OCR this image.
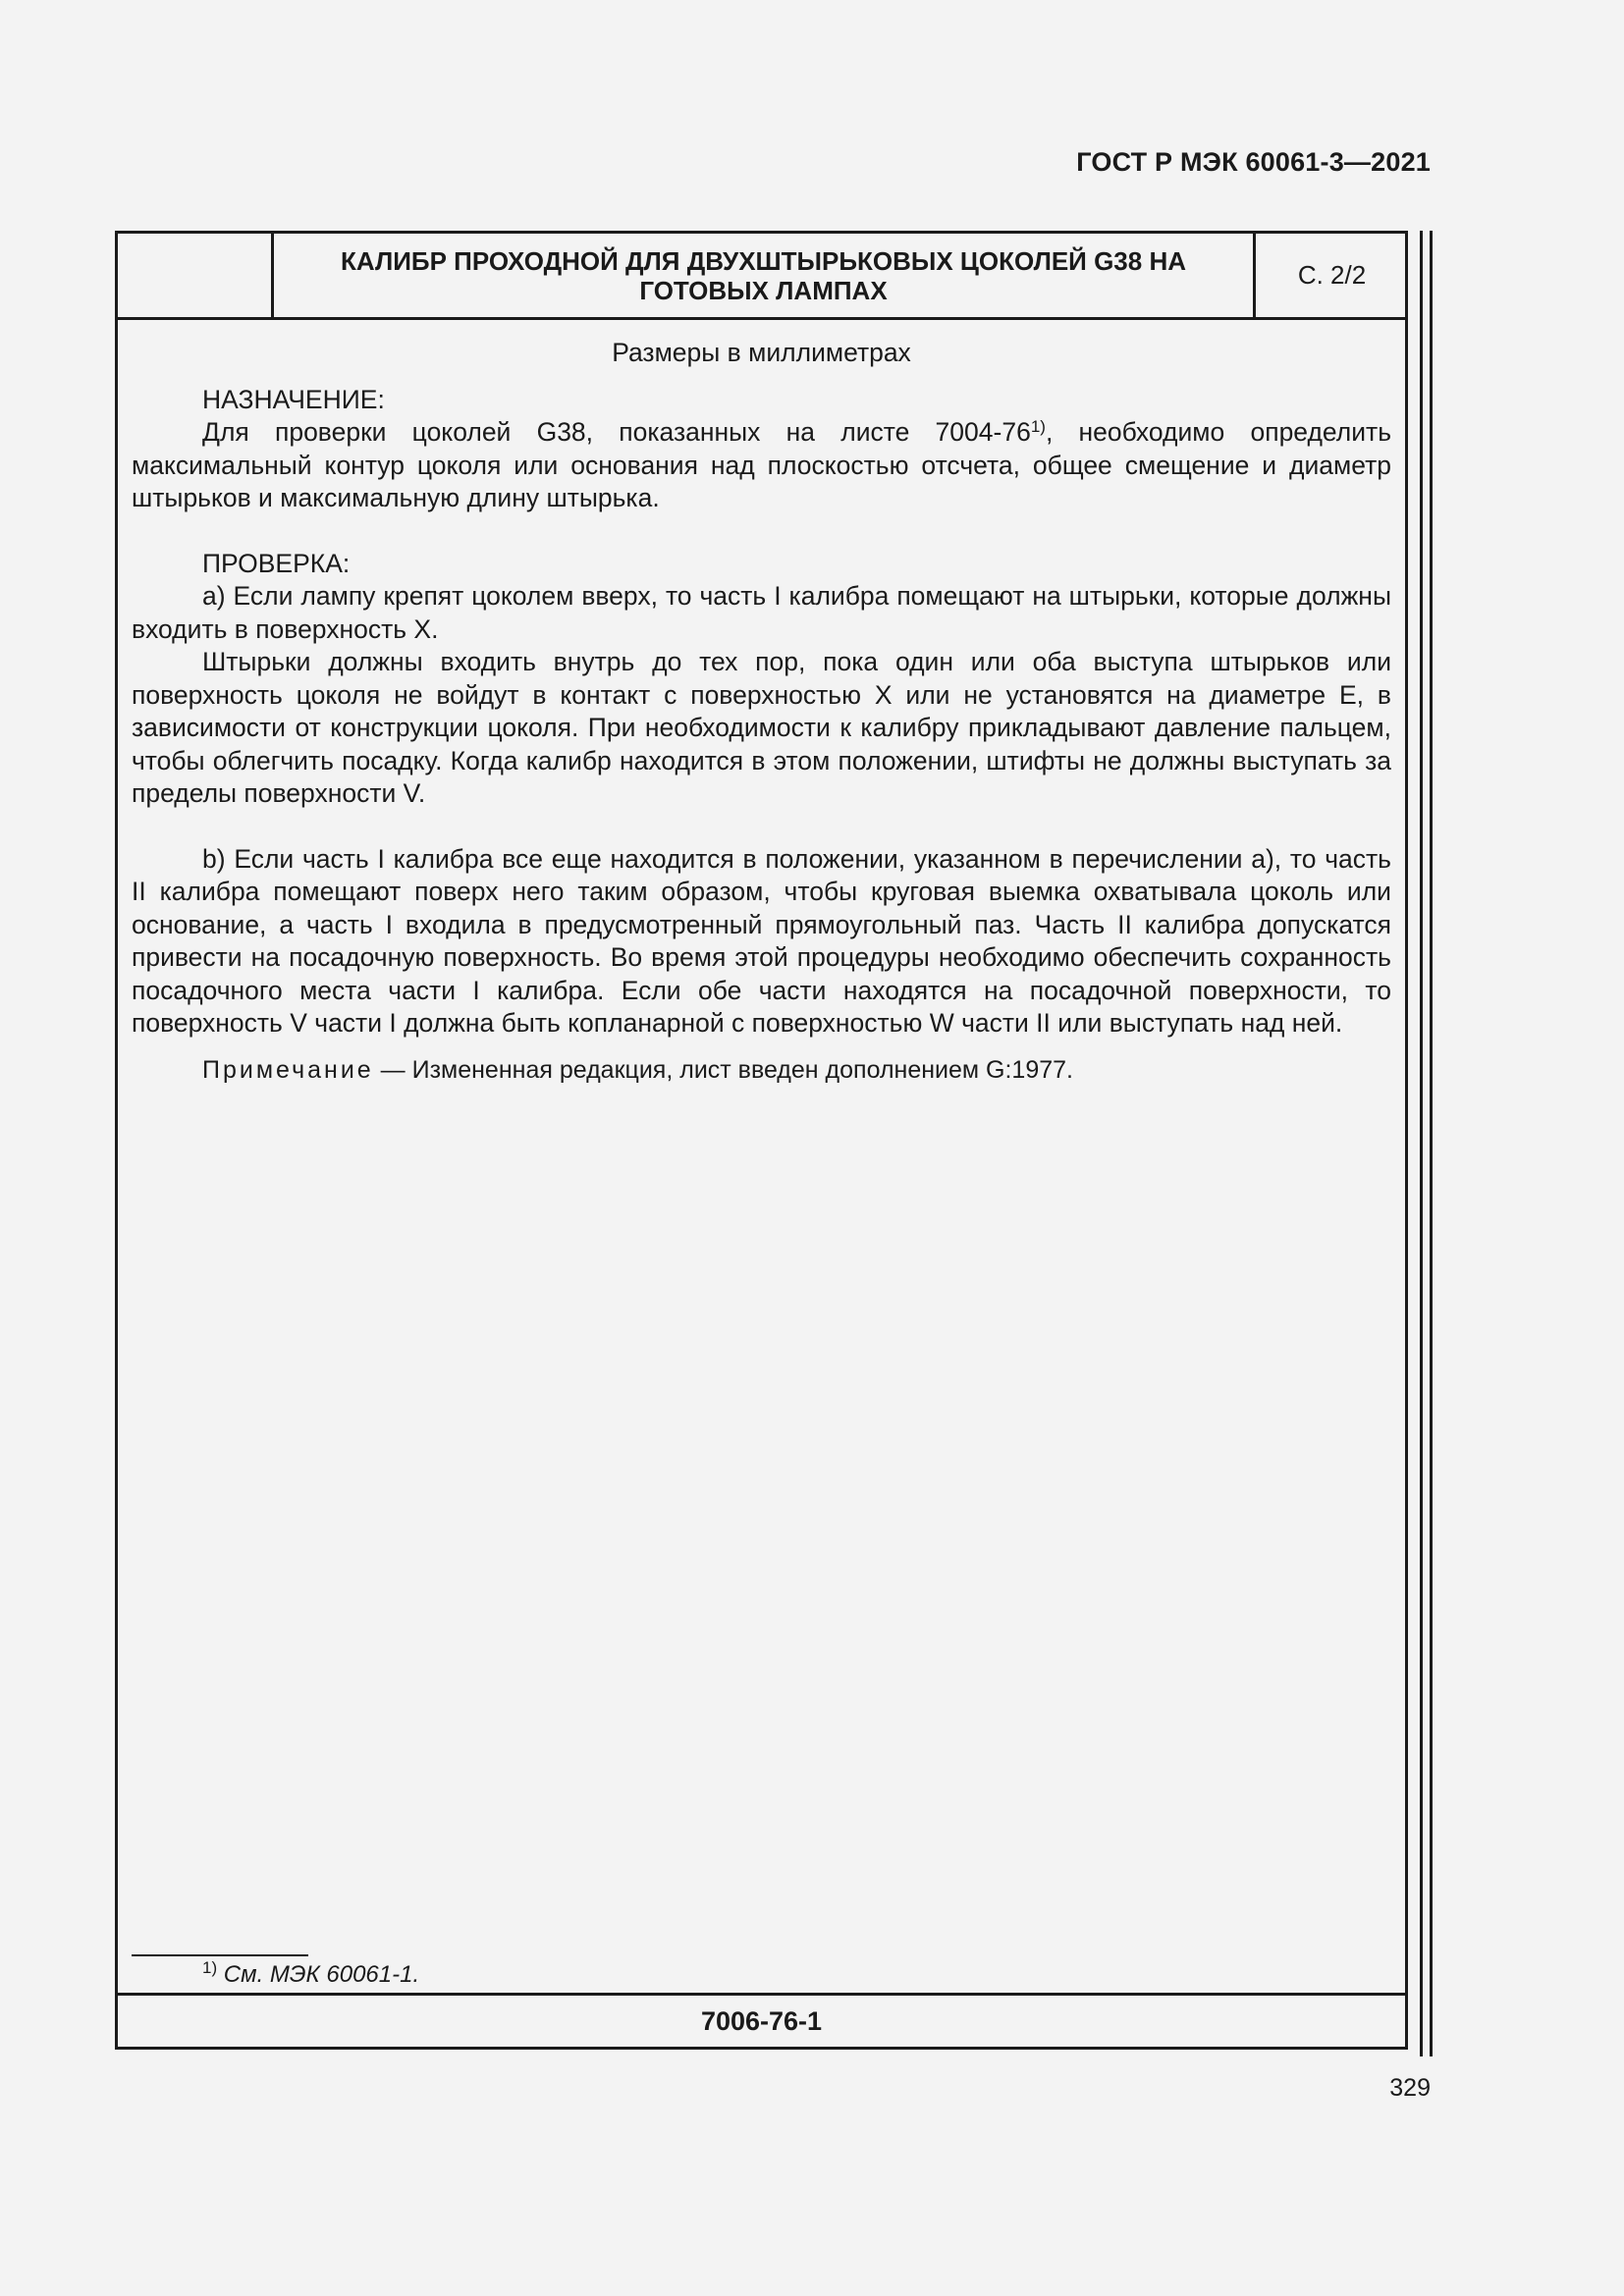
ГОСТ Р МЭК 60061-3—2021
КАЛИБР ПРОХОДНОЙ ДЛЯ ДВУХШТЫРЬКОВЫХ ЦОКОЛЕЙ G38 НА ГОТОВЫХ ЛАМПАХ
С. 2/2

Размеры в миллиметрах

НАЗНАЧЕНИЕ:

Для проверки цоколей G38, показанных на листе 7004-76$^{1)}$, необходимо определить максимальный контур цоколя или основания над плоскостью отсчета, общее смещение и диаметр штырьков и максимальную длину штырька.

ПРОВЕРКА:

a) Если лампу крепят цоколем вверх, то часть I калибра помещают на штырьки, которые должны входить в поверхность Х.

Штырьки должны входить внутрь до тех пор, пока один или оба выступа штырьков или поверхность цоколя не войдут в контакт с поверхностью Х или не установятся на диаметре Е, в зависимости от конструкции цоколя. При необходимости к калибру прикладывают давление пальцем, чтобы облегчить посадку. Когда калибр находится в этом положении, штифты не должны выступать за пределы поверхности V.

b) Если часть I калибра все еще находится в положении, указанном в перечислении а), то часть II калибра помещают поверх него таким образом, чтобы круговая выемка охватывала цоколь или основание, а часть I входила в предусмотренный прямоугольный паз. Часть II калибра допускатся привести на посадочную поверхность. Во время этой процедуры необходимо обеспечить сохранность посадочного места части I калибра. Если обе части находятся на посадочной поверхности, то поверхность V части I должна быть копланарной с поверхностью W части II или выступать над ней.

Примечание — Измененная редакция, лист введен дополнением G:1977.

$^{1)}$ См. МЭК 60061-1.
7006-76-1
329
